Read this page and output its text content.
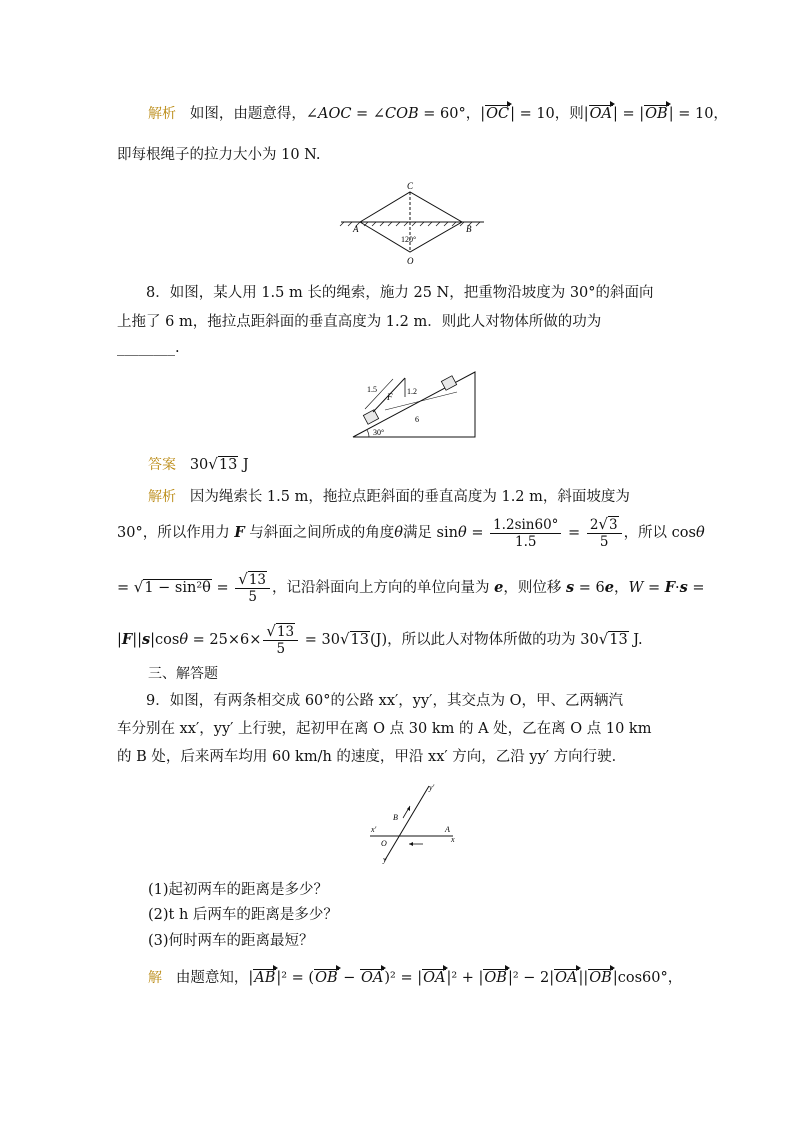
解析 如图，由题意得，∠AOC = ∠COB = 60°，|OC| = 10，则|OA| = |OB| = 10，
即每根绳子的拉力大小为 10 N.
C
A	B
O
120°
8．如图，某人用 1.5 m 长的绳索，施力 25 N，把重物沿坡度为 30°的斜面向
上拖了 6 m，拖拉点距斜面的垂直高度为 1.2 m．则此人对物体所做的功为
________.
1.5	1.2
F
6
30°
答案 30√13 J
解析 因为绳索长 1.5 m，拖拉点距斜面的垂直高度为 1.2 m，斜面坡度为
30°，所以作用力 F 与斜面之间所成的角度θ满足 $\sin\theta = \frac{1.2\sin 60^\circ}{1.5} = \frac{2√3}{5}$ ，所以 cosθ
= $√1 - \sin^2\theta = \frac{√13}{5}$ ，记沿斜面向上方向的单位向量为 e，则位移 s = 6e，W = F·s =
$|F||s|\cos\theta = 25\times 6\times \frac{√13}{5} = 30√13(J)$，所以此人对物体所做的功为 30√13 J.
三、解答题
9．如图，有两条相交成 60°的公路 xx′，yy′，其交点为 O，甲、乙两辆汽
车分别在 xx′，yy′ 上行驶，起初甲在离 O 点 30 km 的 A 处，乙在离 O 点 10 km
的 B 处，后来两车均用 60 km/h 的速度，甲沿 xx′ 方向，乙沿 yy′ 方向行驶．
y′
B
x′	A
x
O
y
(1)起初两车的距离是多少？
(2)t h 后两车的距离是多少？
(3)何时两车的距离最短？
解 由题意知，|AB|² = (OB − OA)² = |OA|² + |OB|² − 2|OA||OB|cos60°，
